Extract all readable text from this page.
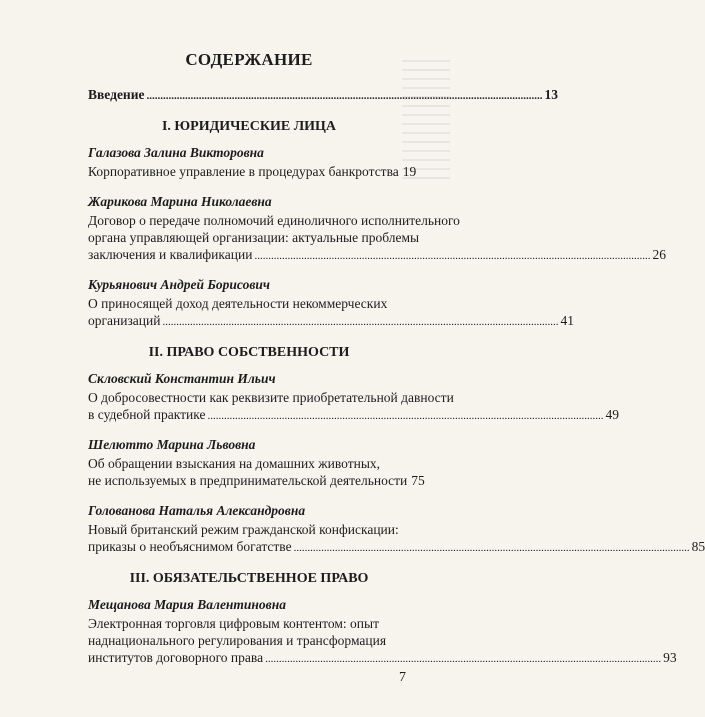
СОДЕРЖАНИЕ
Введение .....	13
I. ЮРИДИЧЕСКИЕ ЛИЦА
Галазова Залина Викторовна
Корпоративное управление в процедурах банкротства 19
Жарикова Марина Николаевна
Договор о передаче полномочий единоличного исполнительного
органа управляющей организации: актуальные проблемы
заключения и квалификации .....	26
Курьянович Андрей Борисович
О приносящей доход деятельности некоммерческих
организаций .....	41
II. ПРАВО СОБСТВЕННОСТИ
Скловский Константин Ильич
О добросовестности как реквизите приобретательной давности
в судебной практике .....	49
Шелютто Марина Львовна
Об обращении взыскания на домашних животных,
не используемых в предпринимательской деятельности 75
Голованова Наталья Александровна
Новый британский режим гражданской конфискации:
приказы о необъяснимом богатстве .....	85
III. ОБЯЗАТЕЛЬСТВЕННОЕ ПРАВО
Мещанова Мария Валентиновна
Электронная торговля цифровым контентом: опыт
наднационального регулирования и трансформация
институтов договорного права .....	93
7
